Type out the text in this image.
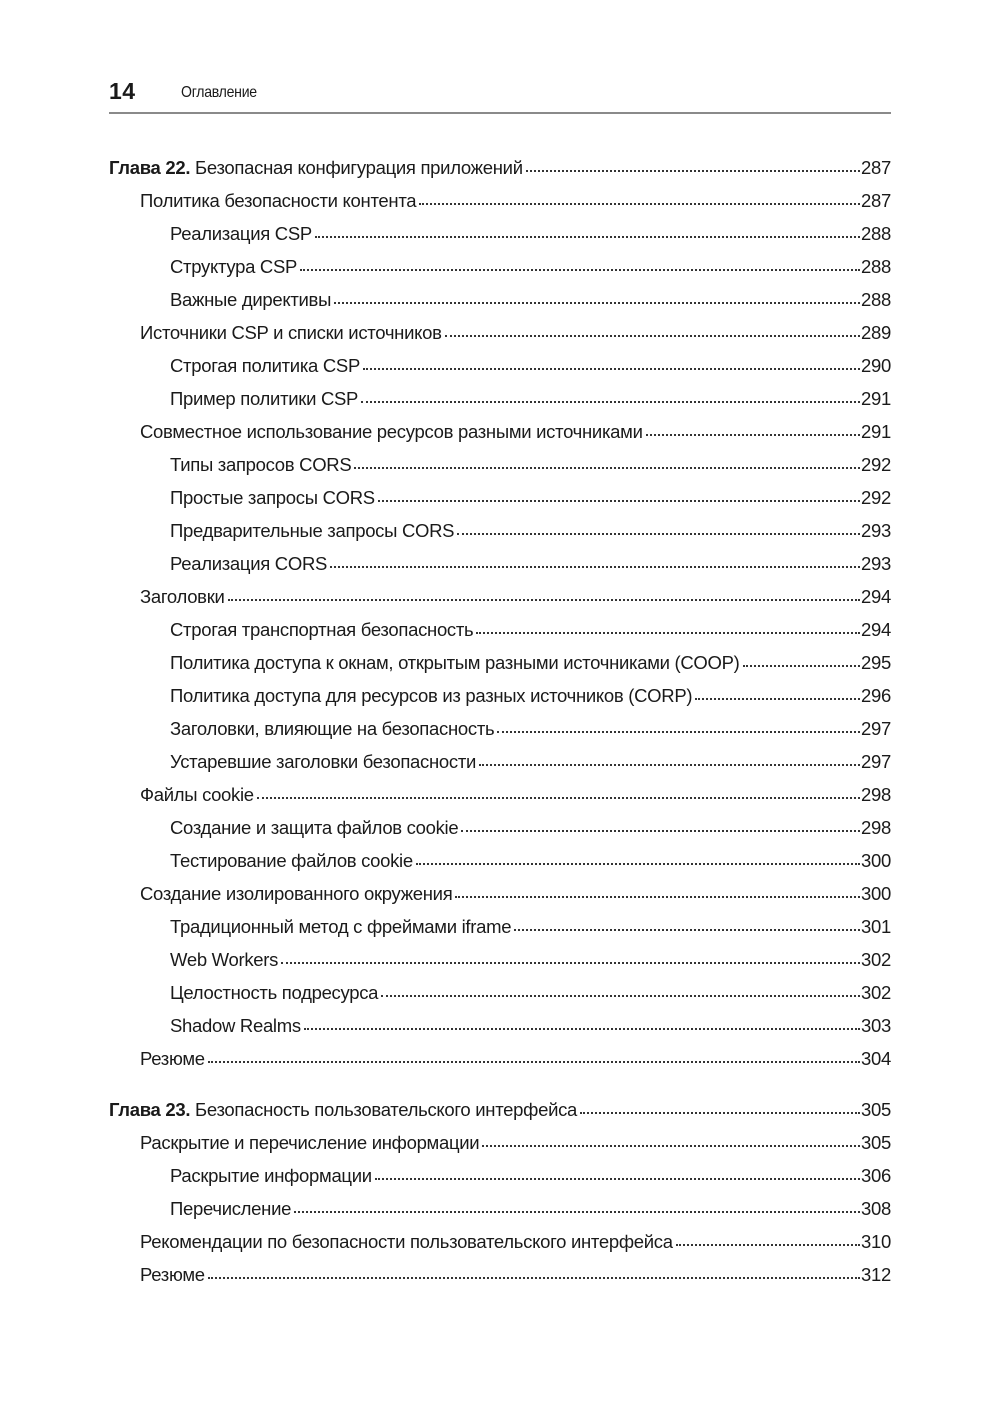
14	Оглавление
Глава 22. Безопасная конфигурация приложений	287
Политика безопасности контента	287
Реализация CSP	288
Структура CSP	288
Важные директивы	288
Источники CSP и списки источников	289
Строгая политика CSP	290
Пример политики CSP	291
Совместное использование ресурсов разными источниками	291
Типы запросов CORS	292
Простые запросы CORS	292
Предварительные запросы CORS	293
Реализация CORS	293
Заголовки	294
Строгая транспортная безопасность	294
Политика доступа к окнам, открытым разными источниками (COOP)	295
Политика доступа для ресурсов из разных источников (CORP)	296
Заголовки, влияющие на безопасность	297
Устаревшие заголовки безопасности	297
Файлы cookie	298
Создание и защита файлов cookie	298
Тестирование файлов cookie	300
Создание изолированного окружения	300
Традиционный метод с фреймами iframe	301
Web Workers	302
Целостность подресурса	302
Shadow Realms	303
Резюме	304
Глава 23. Безопасность пользовательского интерфейса	305
Раскрытие и перечисление информации	305
Раскрытие информации	306
Перечисление	308
Рекомендации по безопасности пользовательского интерфейса	310
Резюме	312
